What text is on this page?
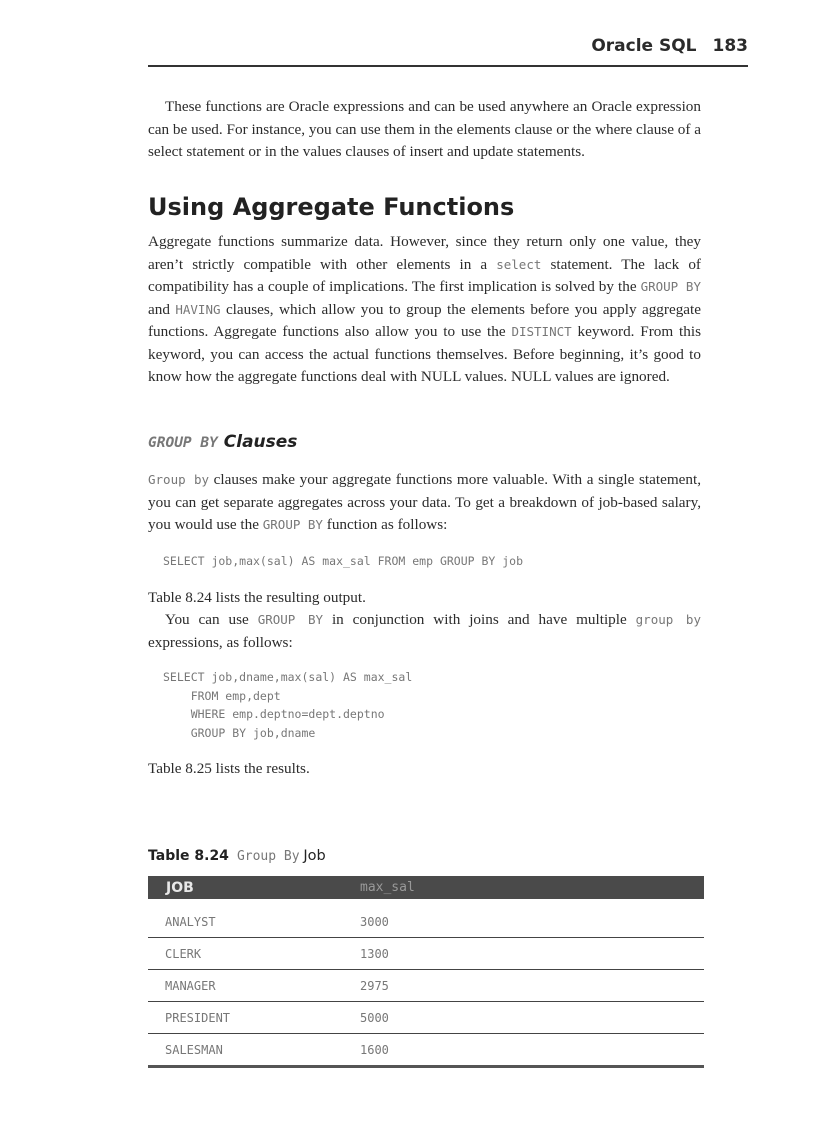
Oracle SQL 183

These functions are Oracle expressions and can be used anywhere an Oracle expression can be used. For instance, you can use them in the elements clause or the where clause of a select statement or in the values clauses of insert and update statements.

Using Aggregate Functions

Aggregate functions summarize data. However, since they return only one value, they aren’t strictly compatible with other elements in a select statement. The lack of compatibility has a couple of implications. The first implication is solved by the GROUP BY and HAVING clauses, which allow you to group the elements before you apply aggregate functions. Aggregate functions also allow you to use the DISTINCT keyword. From this keyword, you can access the actual functions themselves. Before beginning, it’s good to know how the aggregate functions deal with NULL values. NULL values are ignored.

GROUP BY Clauses

Group by clauses make your aggregate functions more valuable. With a single statement, you can get separate aggregates across your data. To get a breakdown of job-based salary, you would use the GROUP BY function as follows:

SELECT job,max(sal) AS max_sal FROM emp GROUP BY job

Table 8.24 lists the resulting output.

You can use GROUP BY in conjunction with joins and have multiple group by expressions, as follows:

SELECT job,dname,max(sal) AS max_sal
FROM emp,dept
WHERE emp.deptno=dept.deptno
GROUP BY job,dname

Table 8.25 lists the results.

Table 8.24 Group By Job
JOB	max_sal
ANALYST	3000
CLERK	1300
MANAGER	2975
PRESIDENT	5000
SALESMAN	1600
